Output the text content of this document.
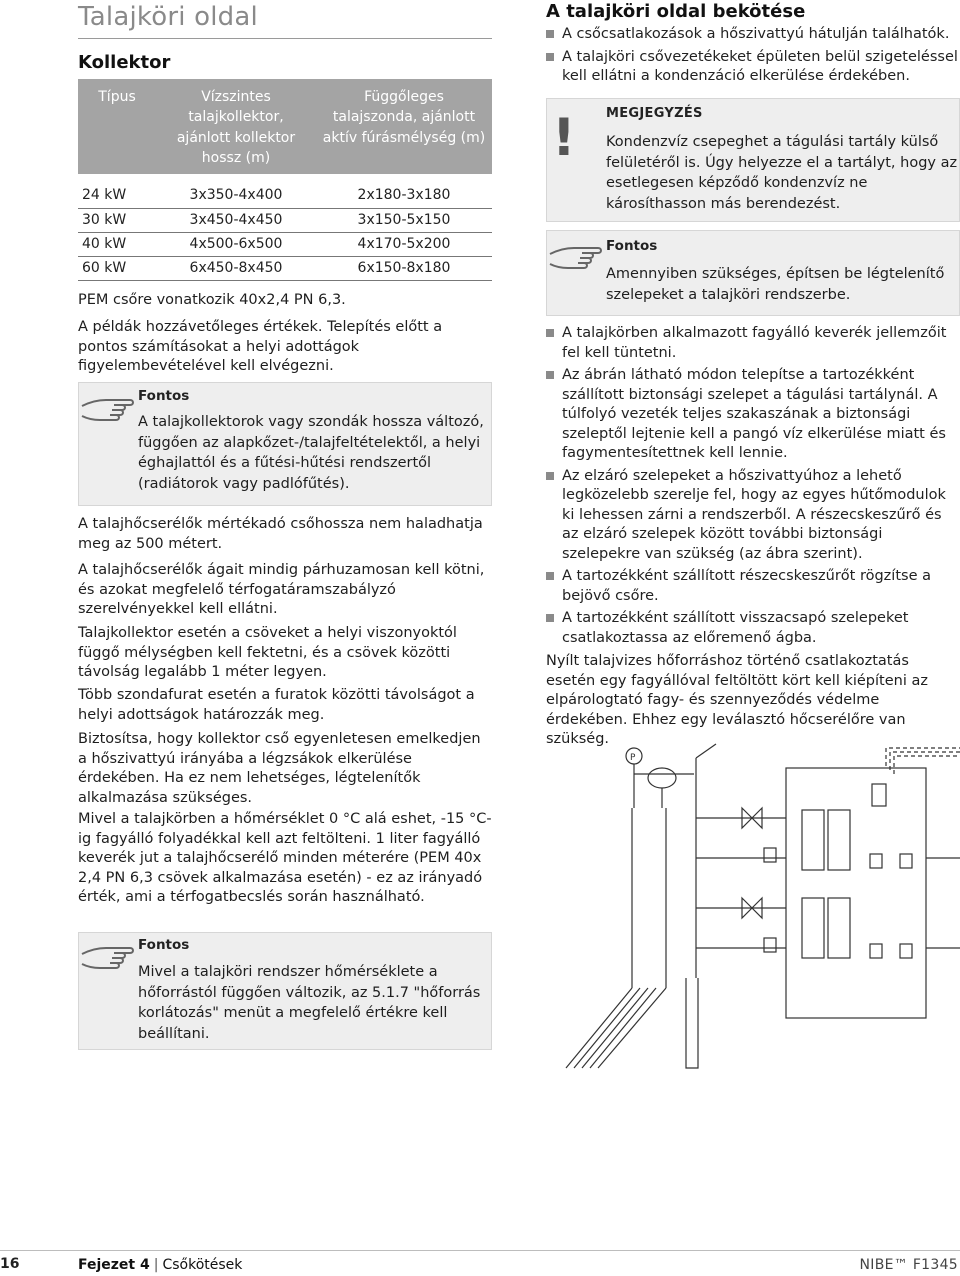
Talajköri oldal
Kollektor
Típus	Vízszintes talajkollektor, ajánlott kollektor hossz (m)	Függőleges talajszonda, ajánlott aktív fúrásmélység (m)
24 kW	3x350-4x400	2x180-3x180
30 kW	3x450-4x450	3x150-5x150
40 kW	4x500-6x500	4x170-5x200
60 kW	6x450-8x450	6x150-8x180
PEM csőre vonatkozik 40x2,4 PN 6,3.
A példák hozzávetőleges értékek. Telepítés előtt a pontos számításokat a helyi adottágok figyelembevételével kell elvégezni.
Fontos
A talajkollektorok vagy szondák hossza változó, függően az alapkőzet-/talajfeltételektől, a helyi éghajlattól és a fűtési-hűtési rendszertől (radiátorok vagy padlófűtés).
A talajhőcserélők mértékadó csőhossza nem haladhatja meg az 500 métert.
A talajhőcserélők ágait mindig párhuzamosan kell kötni, és azokat megfelelő térfogatáramszabályzó szerelvényekkel kell ellátni.
Talajkollektor esetén a csöveket a helyi viszonyoktól függő mélységben kell fektetni, és a csövek közötti távolság legalább 1 méter legyen.
Több szondafurat esetén a furatok közötti távolságot a helyi adottságok határozzák meg.
Biztosítsa, hogy kollektor cső egyenletesen emelkedjen a hőszivattyú irányába a légzsákok elkerülése érdekében. Ha ez nem lehetséges, légtelenítők alkalmazása szükséges.
Mivel a talajkörben a hőmérséklet 0 °C alá eshet, -15 °C-ig fagyálló folyadékkal kell azt feltölteni. 1 liter fagyálló keverék jut a talajhőcserélő minden méterére (PEM 40x 2,4 PN 6,3 csövek alkalmazása esetén) - ez az irányadó érték, ami a térfogatbecslés során használható.
Fontos
Mivel a talajköri rendszer hőmérséklete a hőforrástól függően változik, az 5.1.7 "hőforrás korlátozás" menüt a megfelelő értékre kell beállítani.
A talajköri oldal bekötése
A csőcsatlakozások a hőszivattyú hátulján találhatók.
A talajköri csővezetékeket épületen belül szigeteléssel kell ellátni a kondenzáció elkerülése érdekében.
! MEGJEGYZÉS
Kondenzvíz csepeghet a tágulási tartály külső felületéről is. Úgy helyezze el a tartályt, hogy az esetlegesen képződő kondenzvíz ne károsíthasson más berendezést.
Fontos
Amennyiben szükséges, építsen be légtelenítő szelepeket a talajköri rendszerbe.
A talajkörben alkalmazott fagyálló keverék jellemzőit fel kell tüntetni.
Az ábrán látható módon telepítse a tartozékként szállított biztonsági szelepet a tágulási tartálynál. A túlfolyó vezeték teljes szakaszának a biztonsági szeleptől lejtenie kell a pangó víz elkerülése miatt és fagymentesítettnek kell lennie.
Az elzáró szelepeket a hőszivattyúhoz a lehető legközelebb szerelje fel, hogy az egyes hűtőmodulok ki lehessen zárni a rendszerből. A részecskeszűrő és az elzáró szelepek között további biztonsági szelepekre van szükség (az ábra szerint).
A tartozékként szállított részecskeszűrőt rögzítse a bejövő csőre.
A tartozékként szállított visszacsapó szelepeket csatlakoztassa az előremenő ágba.
Nyílt talajvizes hőforráshoz történő csatlakoztatás esetén egy fagyállóval feltöltött kört kell kiépíteni az elpárologtató fagy- és szennyeződés védelme érdekében. Ehhez egy leválasztó hőcserélőre van szükség.
P
16	Fejezet 4 | Csőkötések	NIBE™ F1345
